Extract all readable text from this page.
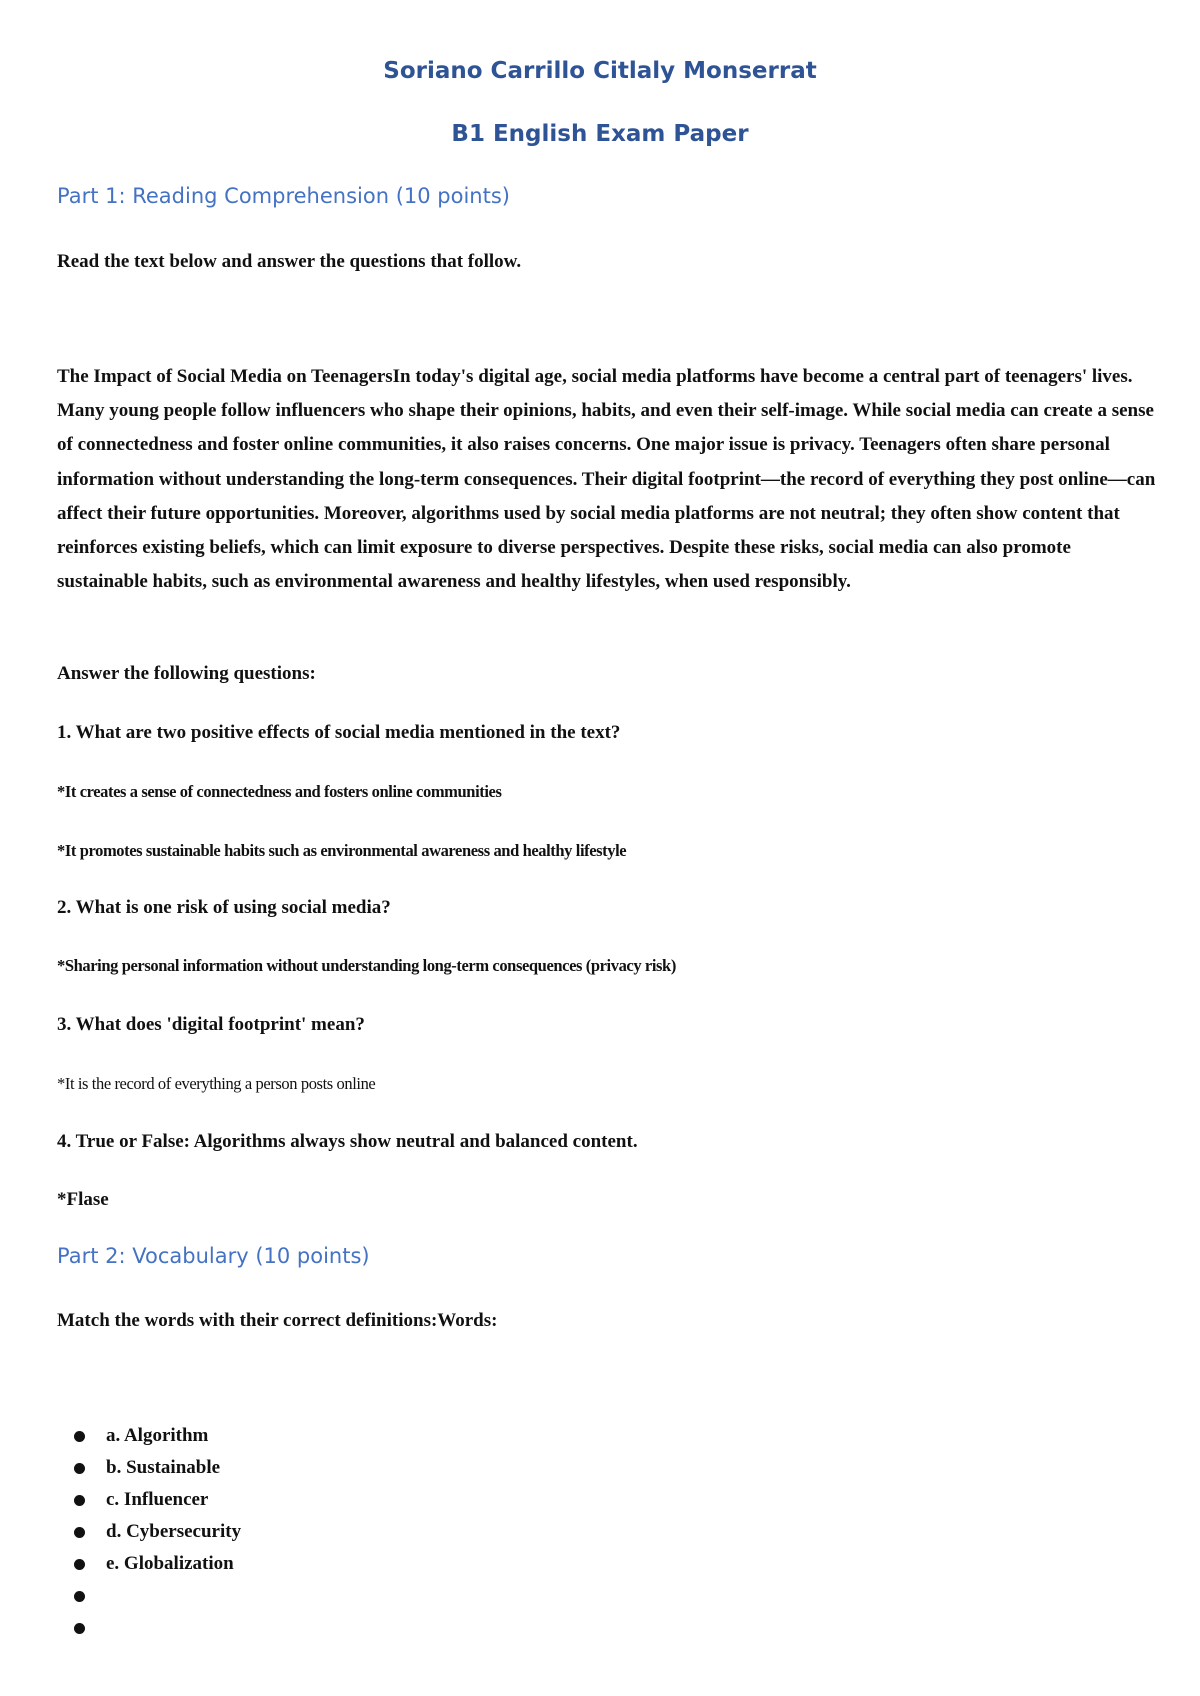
Soriano Carrillo Citlaly Monserrat

B1 English Exam Paper

Part 1: Reading Comprehension (10 points)

Read the text below and answer the questions that follow.

The Impact of Social Media on TeenagersIn today's digital age, social media platforms have become a central part of teenagers' lives. Many young people follow influencers who shape their opinions, habits, and even their self-image. While social media can create a sense of connectedness and foster online communities, it also raises concerns. One major issue is privacy. Teenagers often share personal information without understanding the long-term consequences. Their digital footprint—the record of everything they post online—can affect their future opportunities. Moreover, algorithms used by social media platforms are not neutral; they often show content that reinforces existing beliefs, which can limit exposure to diverse perspectives. Despite these risks, social media can also promote sustainable habits, such as environmental awareness and healthy lifestyles, when used responsibly.

Answer the following questions:

1. What are two positive effects of social media mentioned in the text?

*It creates a sense of connectedness and fosters online communities

*It promotes sustainable habits such as environmental awareness and healthy lifestyle

2. What is one risk of using social media?

*Sharing personal information without understanding long-term consequences (privacy risk)

3. What does 'digital footprint' mean?

*It is the record of everything a person posts online

4. True or False: Algorithms always show neutral and balanced content.

*Flase

Part 2: Vocabulary (10 points)

Match the words with their correct definitions:Words:

a. Algorithm
b. Sustainable
c. Influencer
d. Cybersecurity
e. Globalization
